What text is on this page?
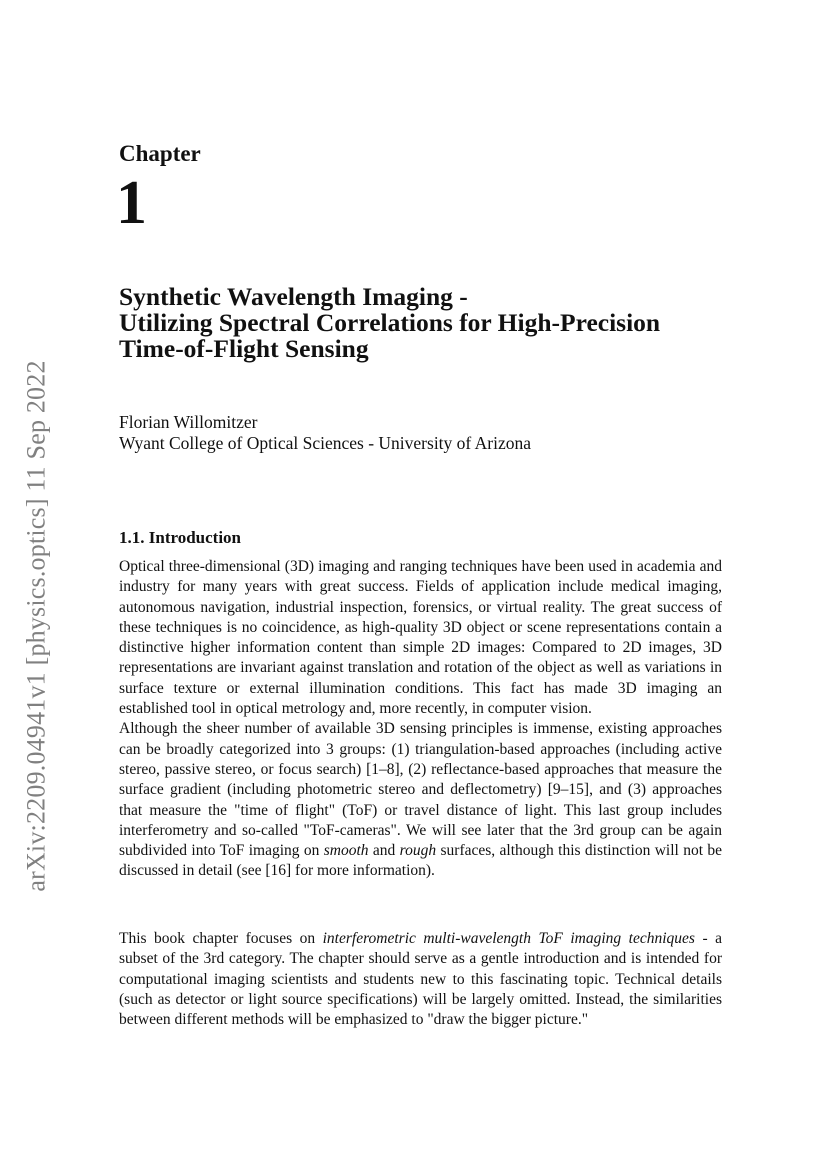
arXiv:2209.04941v1 [physics.optics] 11 Sep 2022
Chapter
1
Synthetic Wavelength Imaging -
Utilizing Spectral Correlations for High-Precision
Time-of-Flight Sensing
Florian Willomitzer
Wyant College of Optical Sciences - University of Arizona
1.1. Introduction

Optical three-dimensional (3D) imaging and ranging techniques have been used in academia and industry for many years with great success. Fields of application include medical imaging, autonomous navigation, industrial inspection, forensics, or virtual reality. The great success of these techniques is no coincidence, as high-quality 3D object or scene representations contain a distinctive higher information content than simple 2D images: Compared to 2D images, 3D representations are invariant against translation and rotation of the object as well as variations in surface texture or external illumination conditions. This fact has made 3D imaging an established tool in optical metrology and, more recently, in computer vision.

Although the sheer number of available 3D sensing principles is immense, existing approaches can be broadly categorized into 3 groups: (1) triangulation-based approaches (including active stereo, passive stereo, or focus search) [1–8], (2) reflectance-based approaches that measure the surface gradient (including photometric stereo and deflectometry) [9–15], and (3) approaches that measure the "time of flight" (ToF) or travel distance of light. This last group includes interferometry and so-called "ToF-cameras". We will see later that the 3rd group can be again subdivided into ToF imaging on smooth and rough surfaces, although this distinction will not be discussed in detail (see [16] for more information).

This book chapter focuses on interferometric multi-wavelength ToF imaging techniques - a subset of the 3rd category. The chapter should serve as a gentle introduction and is intended for computational imaging scientists and students new to this fascinating topic. Technical details (such as detector or light source specifications) will be largely omitted. Instead, the similarities between different methods will be emphasized to "draw the bigger picture."
